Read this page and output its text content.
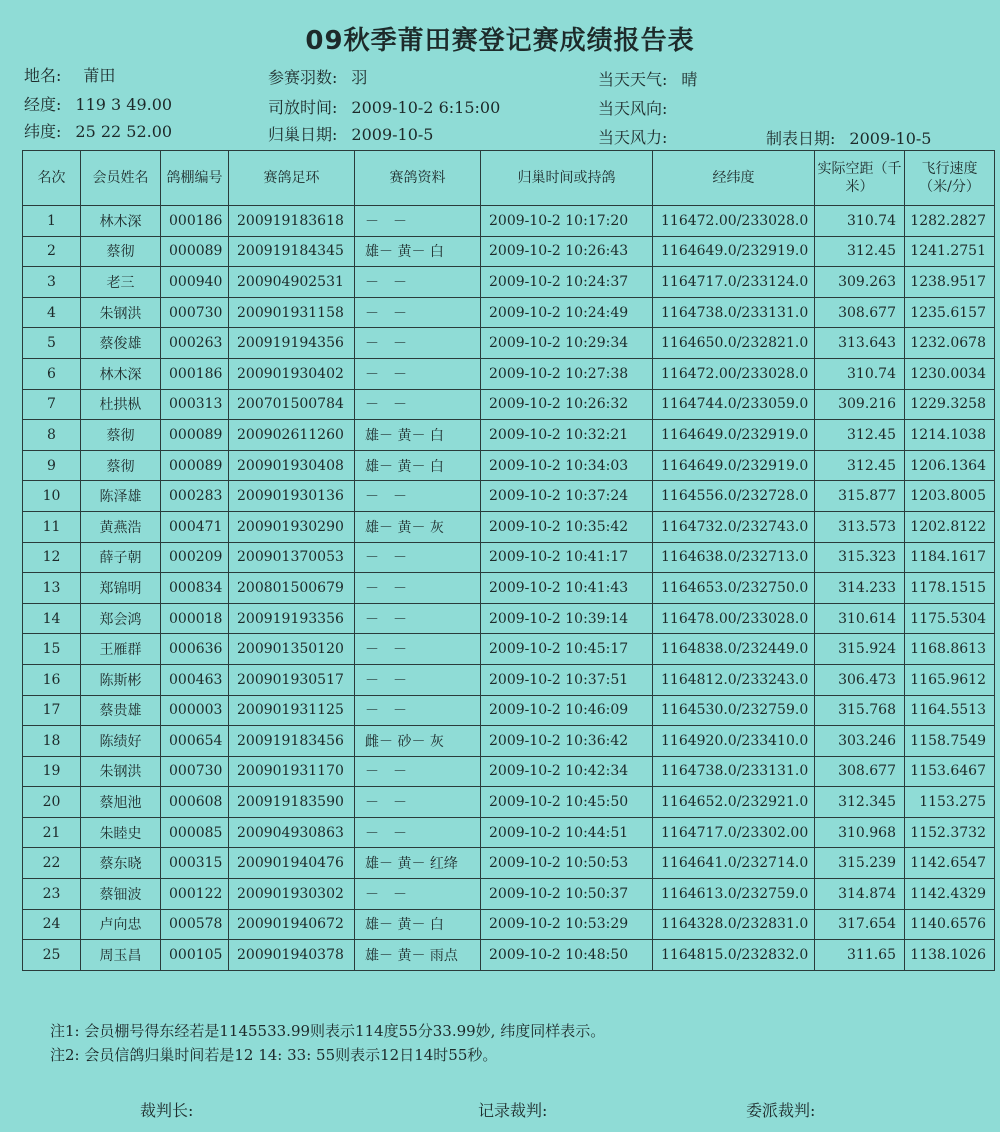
09秋季莆田赛登记赛成绩报告表
地名: 莆田
经度: 119 3 49.00
纬度: 25 22 52.00
参赛羽数: 羽
司放时间: 2009-10-2 6:15:00
归巢日期: 2009-10-5
当天天气: 晴
当天风向:
当天风力:	制表日期: 2009-10-5
名次	会员姓名	鸽棚编号	赛鸽足环	赛鸽资料	归巢时间或持鸽	经纬度	实际空距（千米）	飞行速度（米/分）
1	林木深	000186	200919183618	－　－	2009-10-2 10:17:20	116472.00/233028.0	310.74	1282.2827
2	蔡彻	000089	200919184345	雄－ 黄－ 白	2009-10-2 10:26:43	1164649.0/232919.0	312.45	1241.2751
3	老三	000940	200904902531	－　－	2009-10-2 10:24:37	1164717.0/233124.0	309.263	1238.9517
4	朱钢洪	000730	200901931158	－　－	2009-10-2 10:24:49	1164738.0/233131.0	308.677	1235.6157
5	蔡俊雄	000263	200919194356	－　－	2009-10-2 10:29:34	1164650.0/232821.0	313.643	1232.0678
6	林木深	000186	200901930402	－　－	2009-10-2 10:27:38	116472.00/233028.0	310.74	1230.0034
7	杜拱枞	000313	200701500784	－　－	2009-10-2 10:26:32	1164744.0/233059.0	309.216	1229.3258
8	蔡彻	000089	200902611260	雄－ 黄－ 白	2009-10-2 10:32:21	1164649.0/232919.0	312.45	1214.1038
9	蔡彻	000089	200901930408	雄－ 黄－ 白	2009-10-2 10:34:03	1164649.0/232919.0	312.45	1206.1364
10	陈泽雄	000283	200901930136	－　－	2009-10-2 10:37:24	1164556.0/232728.0	315.877	1203.8005
11	黄燕浩	000471	200901930290	雄－ 黄－ 灰	2009-10-2 10:35:42	1164732.0/232743.0	313.573	1202.8122
12	薛子朝	000209	200901370053	－　－	2009-10-2 10:41:17	1164638.0/232713.0	315.323	1184.1617
13	郑锦明	000834	200801500679	－　－	2009-10-2 10:41:43	1164653.0/232750.0	314.233	1178.1515
14	郑会鸿	000018	200919193356	－　－	2009-10-2 10:39:14	116478.00/233028.0	310.614	1175.5304
15	王雁群	000636	200901350120	－　－	2009-10-2 10:45:17	1164838.0/232449.0	315.924	1168.8613
16	陈斯彬	000463	200901930517	－　－	2009-10-2 10:37:51	1164812.0/233243.0	306.473	1165.9612
17	蔡贵雄	000003	200901931125	－　－	2009-10-2 10:46:09	1164530.0/232759.0	315.768	1164.5513
18	陈绩好	000654	200919183456	雌－ 砂－ 灰	2009-10-2 10:36:42	1164920.0/233410.0	303.246	1158.7549
19	朱钢洪	000730	200901931170	－　－	2009-10-2 10:42:34	1164738.0/233131.0	308.677	1153.6467
20	蔡旭池	000608	200919183590	－　－	2009-10-2 10:45:50	1164652.0/232921.0	312.345	1153.275
21	朱睦史	000085	200904930863	－　－	2009-10-2 10:44:51	1164717.0/23302.00	310.968	1152.3732
22	蔡东晓	000315	200901940476	雄－ 黄－ 红绛	2009-10-2 10:50:53	1164641.0/232714.0	315.239	1142.6547
23	蔡钿波	000122	200901930302	－　－	2009-10-2 10:50:37	1164613.0/232759.0	314.874	1142.4329
24	卢向忠	000578	200901940672	雄－ 黄－ 白	2009-10-2 10:53:29	1164328.0/232831.0	317.654	1140.6576
25	周玉昌	000105	200901940378	雄－ 黄－ 雨点	2009-10-2 10:48:50	1164815.0/232832.0	311.65	1138.1026
注1: 会员棚号得东经若是1145533.99则表示114度55分33.99妙, 纬度同样表示。
注2: 会员信鸽归巢时间若是12 14: 33: 55则表示12日14时55秒。
裁判长:	记录裁判:	委派裁判:
